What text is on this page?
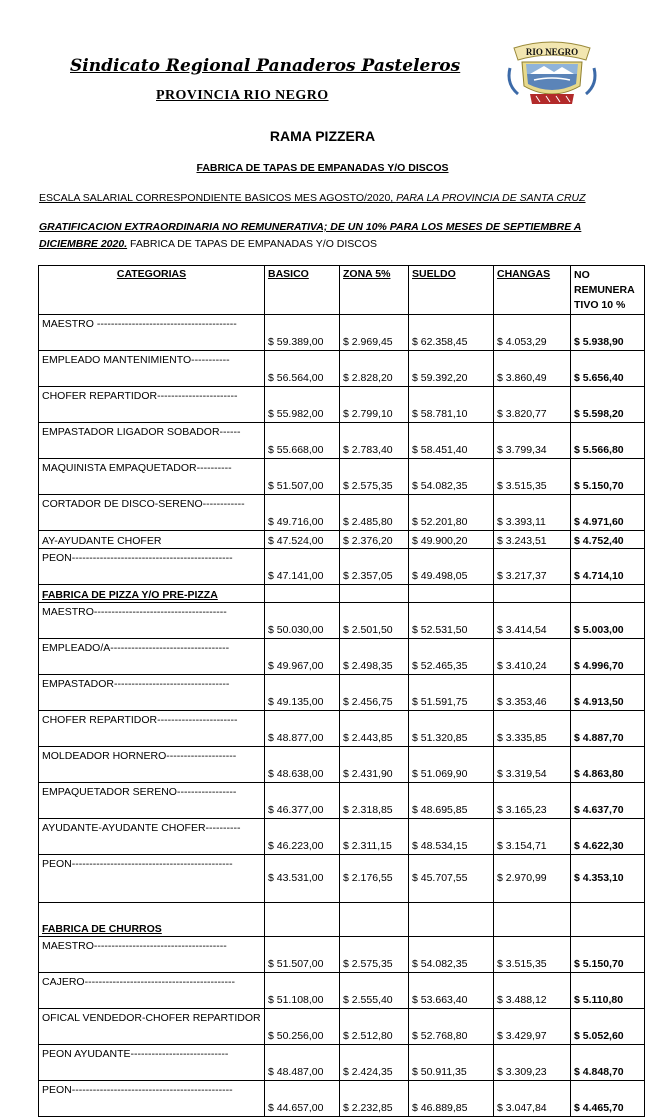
Sindicato Regional Panaderos Pasteleros
PROVINCIA RIO NEGRO
RIO NEGRO
RAMA PIZZERA
FABRICA DE TAPAS DE EMPANADAS Y/O DISCOS
ESCALA SALARIAL CORRESPONDIENTE BASICOS MES AGOSTO/2020, PARA LA PROVINCIA DE SANTA CRUZ
GRATIFICACION EXTRAORDINARIA NO REMUNERATIVA; DE UN 10% PARA LOS MESES DE SEPTIEMBRE A DICIEMBRE 2020. FABRICA DE TAPAS DE EMPANADAS Y/O DISCOS
CATEGORIAS	BASICO	ZONA 5%	SUELDO	CHANGAS	NO REMUNERA TIVO 10 %
MAESTRO ----------------------------------------	$ 59.389,00	$ 2.969,45	$ 62.358,45	$ 4.053,29	$ 5.938,90
EMPLEADO MANTENIMIENTO-----------	$ 56.564,00	$ 2.828,20	$ 59.392,20	$ 3.860,49	$ 5.656,40
CHOFER REPARTIDOR-----------------------	$ 55.982,00	$ 2.799,10	$ 58.781,10	$ 3.820,77	$ 5.598,20
EMPASTADOR LIGADOR SOBADOR------	$ 55.668,00	$ 2.783,40	$ 58.451,40	$ 3.799,34	$ 5.566,80
MAQUINISTA EMPAQUETADOR----------	$ 51.507,00	$ 2.575,35	$ 54.082,35	$ 3.515,35	$ 5.150,70
CORTADOR DE DISCO-SERENO------------	$ 49.716,00	$ 2.485,80	$ 52.201,80	$ 3.393,11	$ 4.971,60
AY-AYUDANTE CHOFER	$ 47.524,00	$ 2.376,20	$ 49.900,20	$ 3.243,51	$ 4.752,40
PEON----------------------------------------------	$ 47.141,00	$ 2.357,05	$ 49.498,05	$ 3.217,37	$ 4.714,10
FABRICA DE PIZZA Y/O PRE-PIZZA					
MAESTRO--------------------------------------	$ 50.030,00	$ 2.501,50	$ 52.531,50	$ 3.414,54	$ 5.003,00
EMPLEADO/A----------------------------------	$ 49.967,00	$ 2.498,35	$ 52.465,35	$ 3.410,24	$ 4.996,70
EMPASTADOR---------------------------------	$ 49.135,00	$ 2.456,75	$ 51.591,75	$ 3.353,46	$ 4.913,50
CHOFER REPARTIDOR-----------------------	$ 48.877,00	$ 2.443,85	$ 51.320,85	$ 3.335,85	$ 4.887,70
MOLDEADOR HORNERO--------------------	$ 48.638,00	$ 2.431,90	$ 51.069,90	$ 3.319,54	$ 4.863,80
EMPAQUETADOR SERENO-----------------	$ 46.377,00	$ 2.318,85	$ 48.695,85	$ 3.165,23	$ 4.637,70
AYUDANTE-AYUDANTE CHOFER----------	$ 46.223,00	$ 2.311,15	$ 48.534,15	$ 3.154,71	$ 4.622,30
PEON----------------------------------------------	$ 43.531,00	$ 2.176,55	$ 45.707,55	$ 2.970,99	$ 4.353,10
FABRICA DE CHURROS					
MAESTRO--------------------------------------	$ 51.507,00	$ 2.575,35	$ 54.082,35	$ 3.515,35	$ 5.150,70
CAJERO-------------------------------------------	$ 51.108,00	$ 2.555,40	$ 53.663,40	$ 3.488,12	$ 5.110,80
OFICAL VENDEDOR-CHOFER REPARTIDOR	$ 50.256,00	$ 2.512,80	$ 52.768,80	$ 3.429,97	$ 5.052,60
PEON AYUDANTE----------------------------	$ 48.487,00	$ 2.424,35	$ 50.911,35	$ 3.309,23	$ 4.848,70
PEON----------------------------------------------	$ 44.657,00	$ 2.232,85	$ 46.889,85	$ 3.047,84	$ 4.465,70
